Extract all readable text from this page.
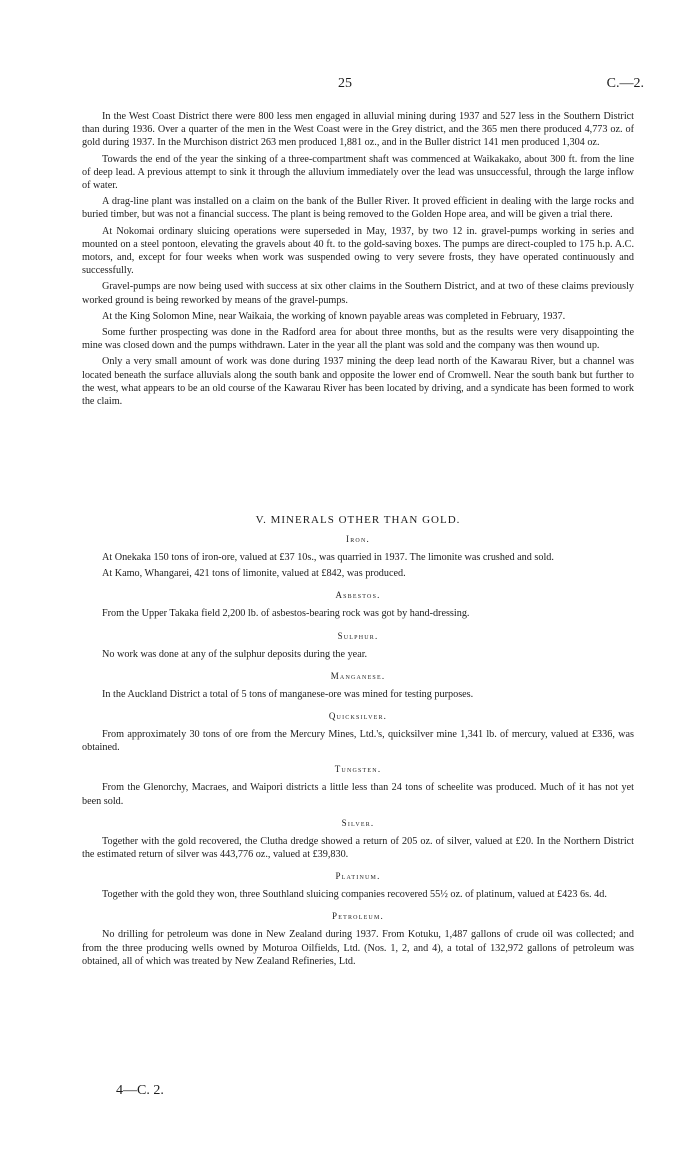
25	C.—2.

In the West Coast District there were 800 less men engaged in alluvial mining during 1937 and 527 less in the Southern District than during 1936. Over a quarter of the men in the West Coast were in the Grey district, and the 365 men there produced 4,773 oz. of gold during 1937. In the Murchison district 263 men produced 1,881 oz., and in the Buller district 141 men produced 1,304 oz.

Towards the end of the year the sinking of a three-compartment shaft was commenced at Waikakako, about 300 ft. from the line of deep lead. A previous attempt to sink it through the alluvium immediately over the lead was unsuccessful, through the large inflow of water.

A drag-line plant was installed on a claim on the bank of the Buller River. It proved efficient in dealing with the large rocks and buried timber, but was not a financial success. The plant is being removed to the Golden Hope area, and will be given a trial there.

At Nokomai ordinary sluicing operations were superseded in May, 1937, by two 12 in. gravel-pumps working in series and mounted on a steel pontoon, elevating the gravels about 40 ft. to the gold-saving boxes. The pumps are direct-coupled to 175 h.p. A.C. motors, and, except for four weeks when work was suspended owing to very severe frosts, they have operated continuously and successfully.

Gravel-pumps are now being used with success at six other claims in the Southern District, and at two of these claims previously worked ground is being reworked by means of the gravel-pumps.

At the King Solomon Mine, near Waikaia, the working of known payable areas was completed in February, 1937.

Some further prospecting was done in the Radford area for about three months, but as the results were very disappointing the mine was closed down and the pumps withdrawn. Later in the year all the plant was sold and the company was then wound up.

Only a very small amount of work was done during 1937 mining the deep lead north of the Kawarau River, but a channel was located beneath the surface alluvials along the south bank and opposite the lower end of Cromwell. Near the south bank but further to the west, what appears to be an old course of the Kawarau River has been located by driving, and a syndicate has been formed to work the claim.

V. MINERALS OTHER THAN GOLD.
Iron.

At Onekaka 150 tons of iron-ore, valued at £37 10s., was quarried in 1937. The limonite was crushed and sold.

At Kamo, Whangarei, 421 tons of limonite, valued at £842, was produced.

Asbestos.

From the Upper Takaka field 2,200 lb. of asbestos-bearing rock was got by hand-dressing.

Sulphur.

No work was done at any of the sulphur deposits during the year.

Manganese.

In the Auckland District a total of 5 tons of manganese-ore was mined for testing purposes.

Quicksilver.

From approximately 30 tons of ore from the Mercury Mines, Ltd.'s, quicksilver mine 1,341 lb. of mercury, valued at £336, was obtained.

Tungsten.

From the Glenorchy, Macraes, and Waipori districts a little less than 24 tons of scheelite was produced. Much of it has not yet been sold.

Silver.

Together with the gold recovered, the Clutha dredge showed a return of 205 oz. of silver, valued at £20. In the Northern District the estimated return of silver was 443,776 oz., valued at £39,830.

Platinum.

Together with the gold they won, three Southland sluicing companies recovered 55½ oz. of platinum, valued at £423 6s. 4d.

Petroleum.

No drilling for petroleum was done in New Zealand during 1937. From Kotuku, 1,487 gallons of crude oil was collected; and from the three producing wells owned by Moturoa Oilfields, Ltd. (Nos. 1, 2, and 4), a total of 132,972 gallons of petroleum was obtained, all of which was treated by New Zealand Refineries, Ltd.

4—C. 2.
